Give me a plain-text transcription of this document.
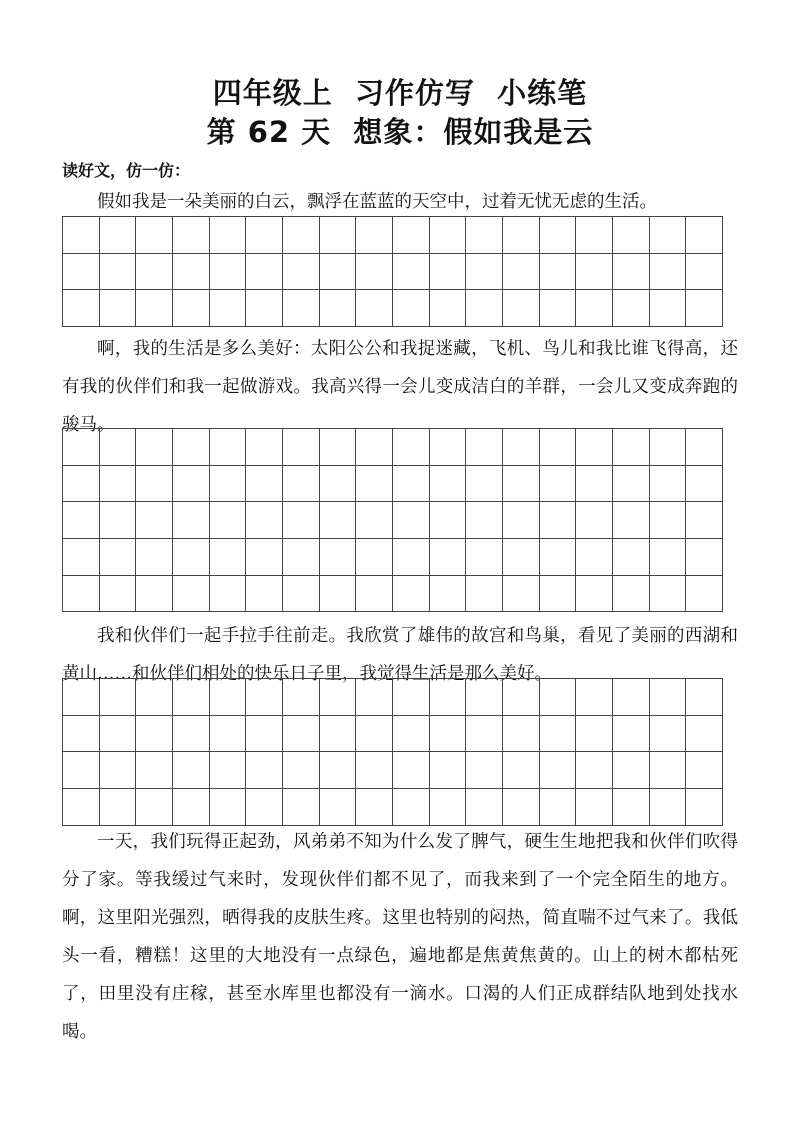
四年级上  习作仿写  小练笔
第 62 天  想象：假如我是云
读好文，仿一仿：
假如我是一朵美丽的白云，飘浮在蓝蓝的天空中，过着无忧无虑的生活。
啊，我的生活是多么美好：太阳公公和我捉迷藏，飞机、鸟儿和我比谁飞得高，还有我的伙伴们和我一起做游戏。我高兴得一会儿变成洁白的羊群，一会儿又变成奔跑的骏马。
我和伙伴们一起手拉手往前走。我欣赏了雄伟的故宫和鸟巢，看见了美丽的西湖和黄山……和伙伴们相处的快乐日子里，我觉得生活是那么美好。
一天，我们玩得正起劲，风弟弟不知为什么发了脾气，硬生生地把我和伙伴们吹得分了家。等我缓过气来时，发现伙伴们都不见了，而我来到了一个完全陌生的地方。啊，这里阳光强烈，晒得我的皮肤生疼。这里也特别的闷热，简直喘不过气来了。我低头一看，糟糕！这里的大地没有一点绿色，遍地都是焦黄焦黄的。山上的树木都枯死了，田里没有庄稼，甚至水库里也都没有一滴水。口渴的人们正成群结队地到处找水喝。
